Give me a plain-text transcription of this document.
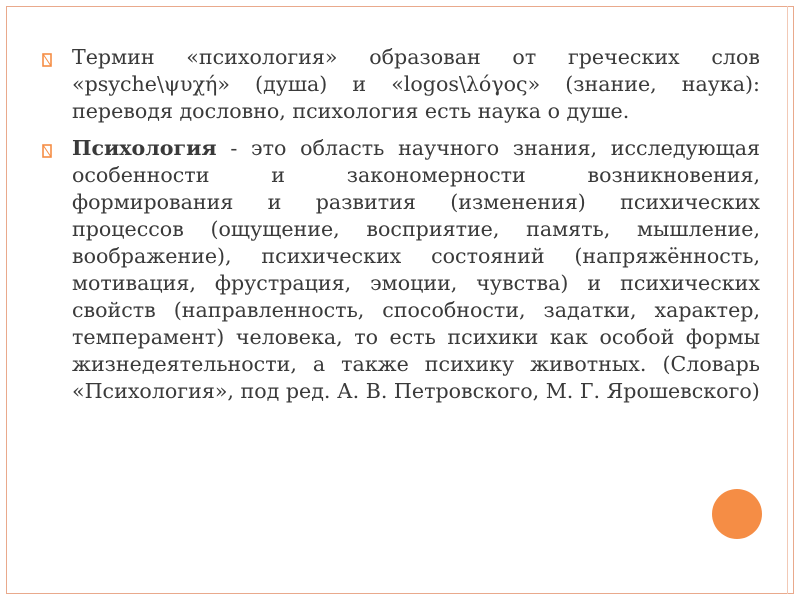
Термин «психология» образован от греческих слов «psyche\ψυχή» (душа) и «logos\λόγος» (знание, наука): переводя дословно, психология есть наука о душе.

Психология - это область научного знания, исследующая особенности и закономерности возникновения, формирования и развития (изменения) психических процессов (ощущение, восприятие, память, мышление, воображение), психических состояний (напряжённость, мотивация, фрустрация, эмоции, чувства) и психических свойств (направленность, способности, задатки, характер, темперамент) человека, то есть психики как особой формы жизнедеятельности, а также психику животных. (Словарь «Психология», под ред. А. В. Петровского, М. Г. Ярошевского)
